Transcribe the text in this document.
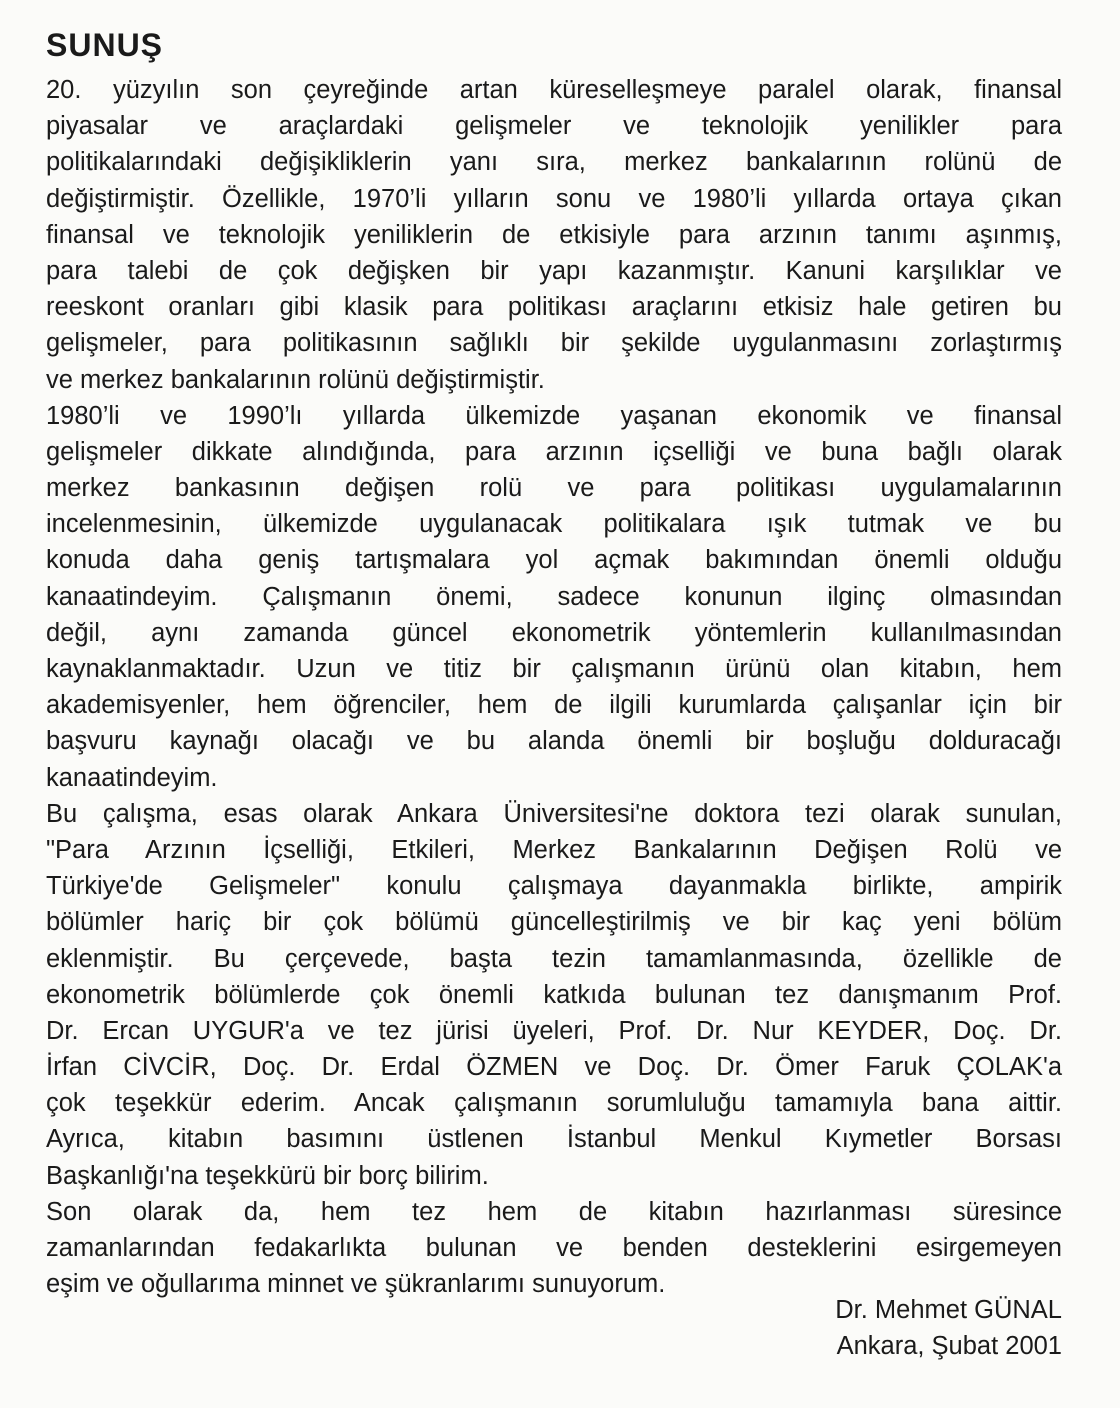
SUNUŞ

20. yüzyılın son çeyreğinde artan küreselleşmeye paralel olarak, finansal
piyasalar ve araçlardaki gelişmeler ve teknolojik yenilikler para
politikalarındaki değişikliklerin yanı sıra, merkez bankalarının rolünü de
değiştirmiştir. Özellikle, 1970’li yılların sonu ve 1980’li yıllarda ortaya çıkan
finansal ve teknolojik yeniliklerin de etkisiyle para arzının tanımı aşınmış,
para talebi de çok değişken bir yapı kazanmıştır. Kanuni karşılıklar ve
reeskont oranları gibi klasik para politikası araçlarını etkisiz hale getiren bu
gelişmeler, para politikasının sağlıklı bir şekilde uygulanmasını zorlaştırmış
ve merkez bankalarının rolünü değiştirmiştir.

1980’li ve 1990’lı yıllarda ülkemizde yaşanan ekonomik ve finansal
gelişmeler dikkate alındığında, para arzının içselliği ve buna bağlı olarak
merkez bankasının değişen rolü ve para politikası uygulamalarının
incelenmesinin, ülkemizde uygulanacak politikalara ışık tutmak ve bu
konuda daha geniş tartışmalara yol açmak bakımından önemli olduğu
kanaatindeyim. Çalışmanın önemi, sadece konunun ilginç olmasından
değil, aynı zamanda güncel ekonometrik yöntemlerin kullanılmasından
kaynaklanmaktadır. Uzun ve titiz bir çalışmanın ürünü olan kitabın, hem
akademisyenler, hem öğrenciler, hem de ilgili kurumlarda çalışanlar için bir
başvuru kaynağı olacağı ve bu alanda önemli bir boşluğu dolduracağı
kanaatindeyim.

Bu çalışma, esas olarak Ankara Üniversitesi'ne doktora tezi olarak sunulan,
"Para Arzının İçselliği, Etkileri, Merkez Bankalarının Değişen Rolü ve
Türkiye'de Gelişmeler" konulu çalışmaya dayanmakla birlikte, ampirik
bölümler hariç bir çok bölümü güncelleştirilmiş ve bir kaç yeni bölüm
eklenmiştir. Bu çerçevede, başta tezin tamamlanmasında, özellikle de
ekonometrik bölümlerde çok önemli katkıda bulunan tez danışmanım Prof.
Dr. Ercan UYGUR'a ve tez jürisi üyeleri, Prof. Dr. Nur KEYDER, Doç. Dr.
İrfan CİVCİR, Doç. Dr. Erdal ÖZMEN ve Doç. Dr. Ömer Faruk ÇOLAK'a
çok teşekkür ederim. Ancak çalışmanın sorumluluğu tamamıyla bana aittir.
Ayrıca, kitabın basımını üstlenen İstanbul Menkul Kıymetler Borsası
Başkanlığı'na teşekkürü bir borç bilirim.

Son olarak da, hem tez hem de kitabın hazırlanması süresince
zamanlarından fedakarlıkta bulunan ve benden desteklerini esirgemeyen
eşim ve oğullarıma minnet ve şükranlarımı sunuyorum.

Dr. Mehmet GÜNAL
Ankara, Şubat 2001
